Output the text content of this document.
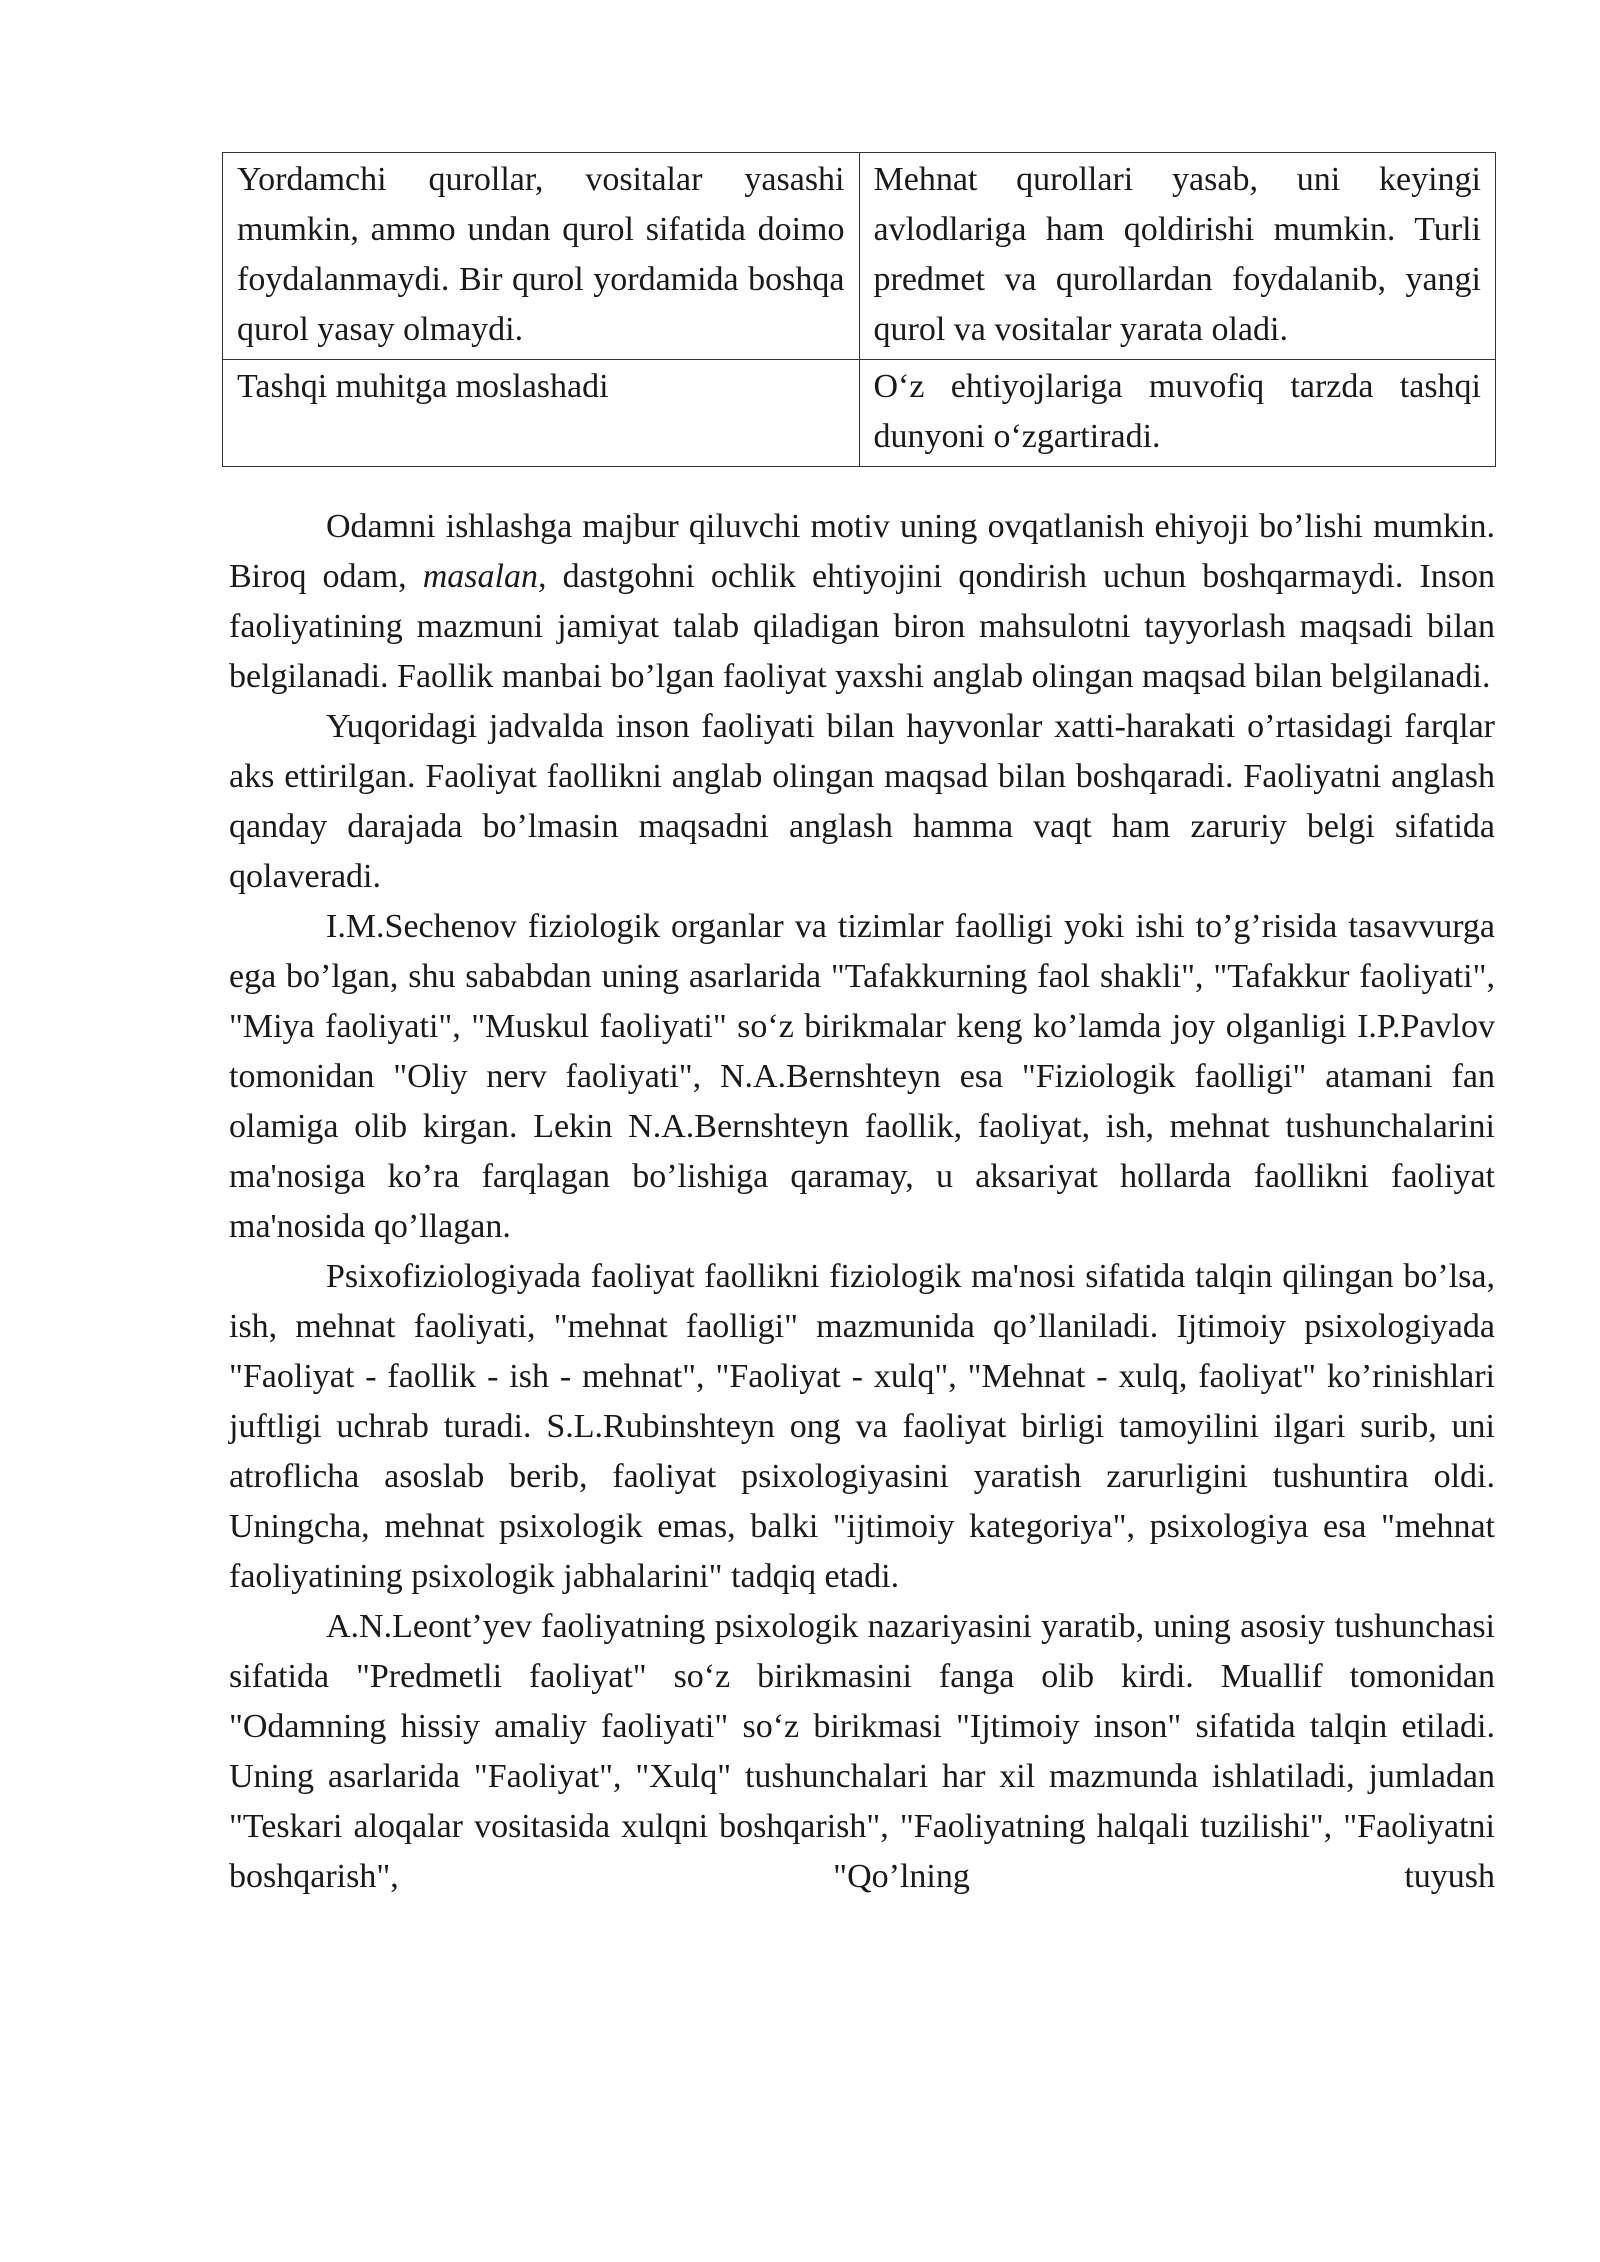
Yordamchi qurollar, vositalar yasashi mumkin, ammo undan qurol sifatida doimo foydalanmaydi. Bir qurol yordamida boshqa qurol yasay olmaydi.	Mehnat qurollari yasab, uni keyingi avlodlariga ham qoldirishi mumkin. Turli predmet va qurollardan foydalanib, yangi qurol va vositalar yarata oladi.
Tashqi muhitga moslashadi	O‘z ehtiyojlariga muvofiq tarzda tashqi dunyoni o‘zgartiradi.

Odamni ishlashga majbur qiluvchi motiv uning ovqatlanish ehiyoji bo’lishi mumkin. Biroq odam, masalan, dastgohni ochlik ehtiyojini qondirish uchun boshqarmaydi. Inson faoliyatining mazmuni jamiyat talab qiladigan biron mahsulotni tayyorlash maqsadi bilan belgilanadi. Faollik manbai bo’lgan faoliyat yaxshi anglab olingan maqsad bilan belgilanadi.

Yuqoridagi jadvalda inson faoliyati bilan hayvonlar xatti-harakati o’rtasidagi farqlar aks ettirilgan. Faoliyat faollikni anglab olingan maqsad bilan boshqaradi. Faoliyatni anglash qanday darajada bo’lmasin maqsadni anglash hamma vaqt ham zaruriy belgi sifatida qolaveradi.

I.M.Sechenov fiziologik organlar va tizimlar faolligi yoki ishi to’g’risida tasavvurga ega bo’lgan, shu sababdan uning asarlarida "Tafakkurning faol shakli", "Tafakkur faoliyati", "Miya faoliyati", "Muskul faoliyati" so‘z birikmalar keng ko’lamda joy olganligi I.P.Pavlov tomonidan "Oliy nerv faoliyati", N.A.Bernshteyn esa "Fiziologik faolligi" atamani fan olamiga olib kirgan. Lekin N.A.Bernshteyn faollik, faoliyat, ish, mehnat tushunchalarini ma'nosiga ko’ra farqlagan bo’lishiga qaramay, u aksariyat hollarda faollikni faoliyat ma'nosida qo’llagan.

Psixofiziologiyada faoliyat faollikni fiziologik ma'nosi sifatida talqin qilingan bo’lsa, ish, mehnat faoliyati, "mehnat faolligi" mazmunida qo’llaniladi. Ijtimoiy psixologiyada "Faoliyat - faollik - ish - mehnat", "Faoliyat - xulq", "Mehnat - xulq, faoliyat" ko’rinishlari juftligi uchrab turadi. S.L.Rubinshteyn ong va faoliyat birligi tamoyilini ilgari surib, uni atroflicha asoslab berib, faoliyat psixologiyasini yaratish zarurligini tushuntira oldi. Uningcha, mehnat psixologik emas, balki "ijtimoiy kategoriya", psixologiya esa "mehnat faoliyatining psixologik jabhalarini" tadqiq etadi.

A.N.Leont’yev faoliyatning psixologik nazariyasini yaratib, uning asosiy tushunchasi sifatida "Predmetli faoliyat" so‘z birikmasini fanga olib kirdi. Muallif tomonidan "Odamning hissiy amaliy faoliyati" so‘z birikmasi "Ijtimoiy inson" sifatida talqin etiladi. Uning asarlarida "Faoliyat", "Xulq" tushunchalari har xil mazmunda ishlatiladi, jumladan "Teskari aloqalar vositasida xulqni boshqarish", "Faoliyatning halqali tuzilishi", "Faoliyatni boshqarish", "Qo’lning tuyush
